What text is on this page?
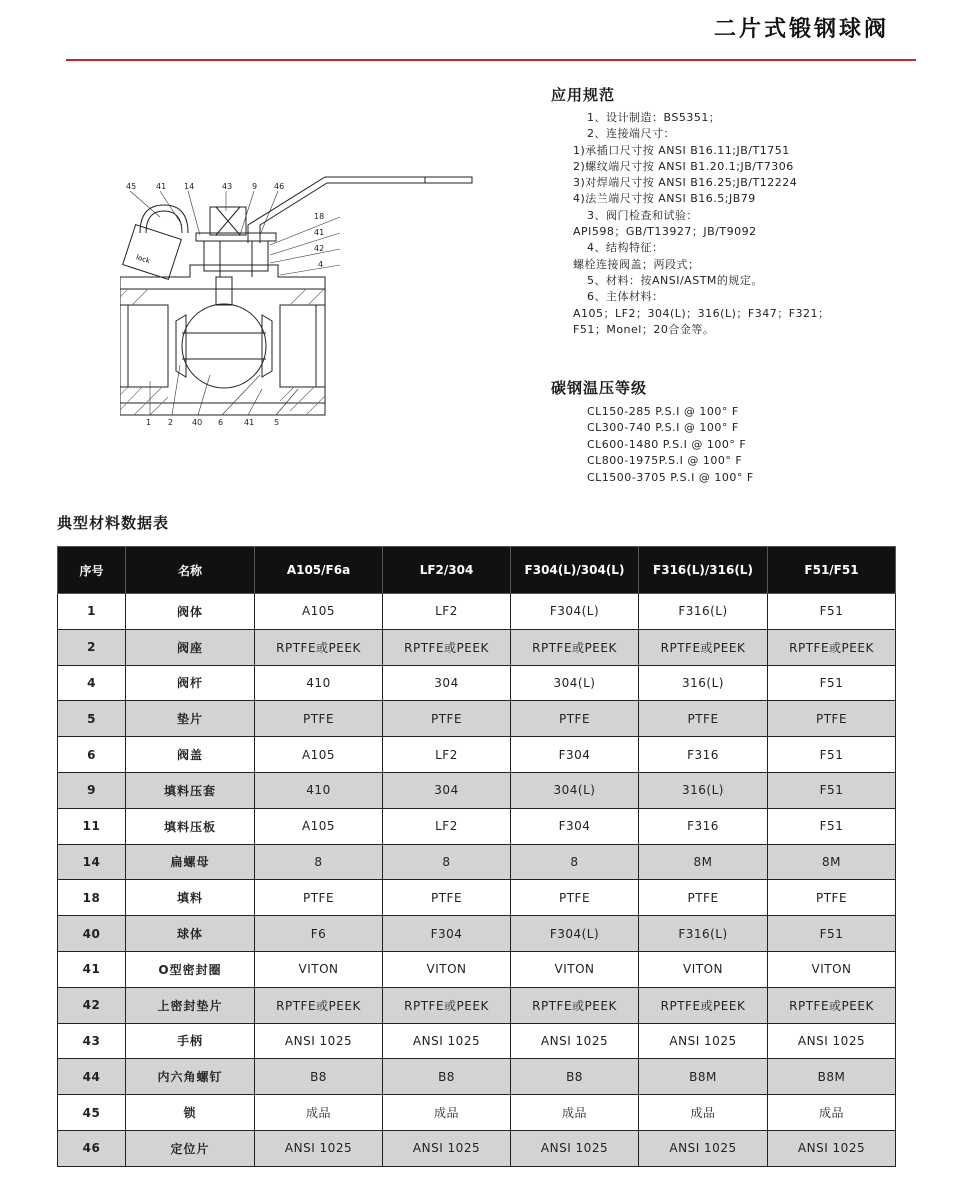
二片式锻钢球阀
lock
45 41 14	43 9 46
18
41
42
4
1 2 40 6	41 5
应用规范
1、设计制造：BS5351；
2、连接端尺寸：
1)承插口尺寸按 ANSI B16.11;JB/T1751
2)螺纹端尺寸按 ANSI B1.20.1;JB/T7306
3)对焊端尺寸按 ANSI B16.25;JB/T12224
4)法兰端尺寸按 ANSI B16.5;JB79
3、阀门检查和试验：
API598；GB/T13927；JB/T9092
4、结构特征：
螺栓连接阀盖；两段式；
5、材料：按ANSI/ASTM的规定。
6、主体材料：
A105；LF2；304(L)；316(L)；F347；F321；
F51；Monel；20合金等。
碳钢温压等级
CL150-285 P.S.I @ 100° F
CL300-740 P.S.I @ 100° F
CL600-1480 P.S.I @ 100° F
CL800-1975P.S.I @ 100° F
CL1500-3705 P.S.I @ 100° F
典型材料数据表
序号	名称	A105/F6a	LF2/304	F304(L)/304(L)	F316(L)/316(L)	F51/F51
1	阀体	A105	LF2	F304(L)	F316(L)	F51
2	阀座	RPTFE或PEEK	RPTFE或PEEK	RPTFE或PEEK	RPTFE或PEEK	RPTFE或PEEK
4	阀杆	410	304	304(L)	316(L)	F51
5	垫片	PTFE	PTFE	PTFE	PTFE	PTFE
6	阀盖	A105	LF2	F304	F316	F51
9	填料压套	410	304	304(L)	316(L)	F51
11	填料压板	A105	LF2	F304	F316	F51
14	扁螺母	8	8	8	8M	8M
18	填料	PTFE	PTFE	PTFE	PTFE	PTFE
40	球体	F6	F304	F304(L)	F316(L)	F51
41	O型密封圈	VITON	VITON	VITON	VITON	VITON
42	上密封垫片	RPTFE或PEEK	RPTFE或PEEK	RPTFE或PEEK	RPTFE或PEEK	RPTFE或PEEK
43	手柄	ANSI 1025	ANSI 1025	ANSI 1025	ANSI 1025	ANSI 1025
44	内六角螺钉	B8	B8	B8	B8M	B8M
45	锁	成品	成品	成品	成品	成品
46	定位片	ANSI 1025	ANSI 1025	ANSI 1025	ANSI 1025	ANSI 1025
